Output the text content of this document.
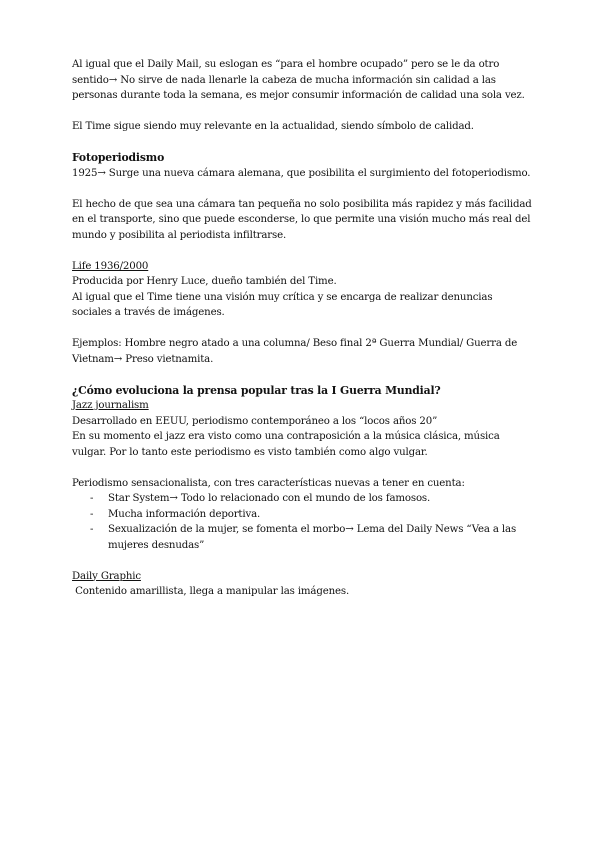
Al igual que el Daily Mail, su eslogan es “para el hombre ocupado” pero se le da otro sentido→ No sirve de nada llenarle la cabeza de mucha información sin calidad a las personas durante toda la semana, es mejor consumir información de calidad una sola vez.

El Time sigue siendo muy relevante en la actualidad, siendo símbolo de calidad.

Fotoperiodismo

1925→ Surge una nueva cámara alemana, que posibilita el surgimiento del fotoperiodismo.

El hecho de que sea una cámara tan pequeña no solo posibilita más rapidez y más facilidad en el transporte, sino que puede esconderse, lo que permite una visión mucho más real del mundo y posibilita al periodista infiltrarse.

Life 1936/2000

Producida por Henry Luce, dueño también del Time.

Al igual que el Time tiene una visión muy crítica y se encarga de realizar denuncias sociales a través de imágenes.

Ejemplos: Hombre negro atado a una columna/ Beso final 2ª Guerra Mundial/ Guerra de Vietnam→ Preso vietnamita.

¿Cómo evoluciona la prensa popular tras la I Guerra Mundial?

Jazz journalism

Desarrollado en EEUU, periodismo contemporáneo a los “locos años 20”

En su momento el jazz era visto como una contraposición a la música clásica, música vulgar. Por lo tanto este periodismo es visto también como algo vulgar.

Periodismo sensacionalista, con tres características nuevas a tener en cuenta:

- Star System→ Todo lo relacionado con el mundo de los famosos.
- Mucha información deportiva.
- Sexualización de la mujer, se fomenta el morbo→ Lema del Daily News “Vea a las mujeres desnudas”

Daily Graphic

Contenido amarillista, llega a manipular las imágenes.
